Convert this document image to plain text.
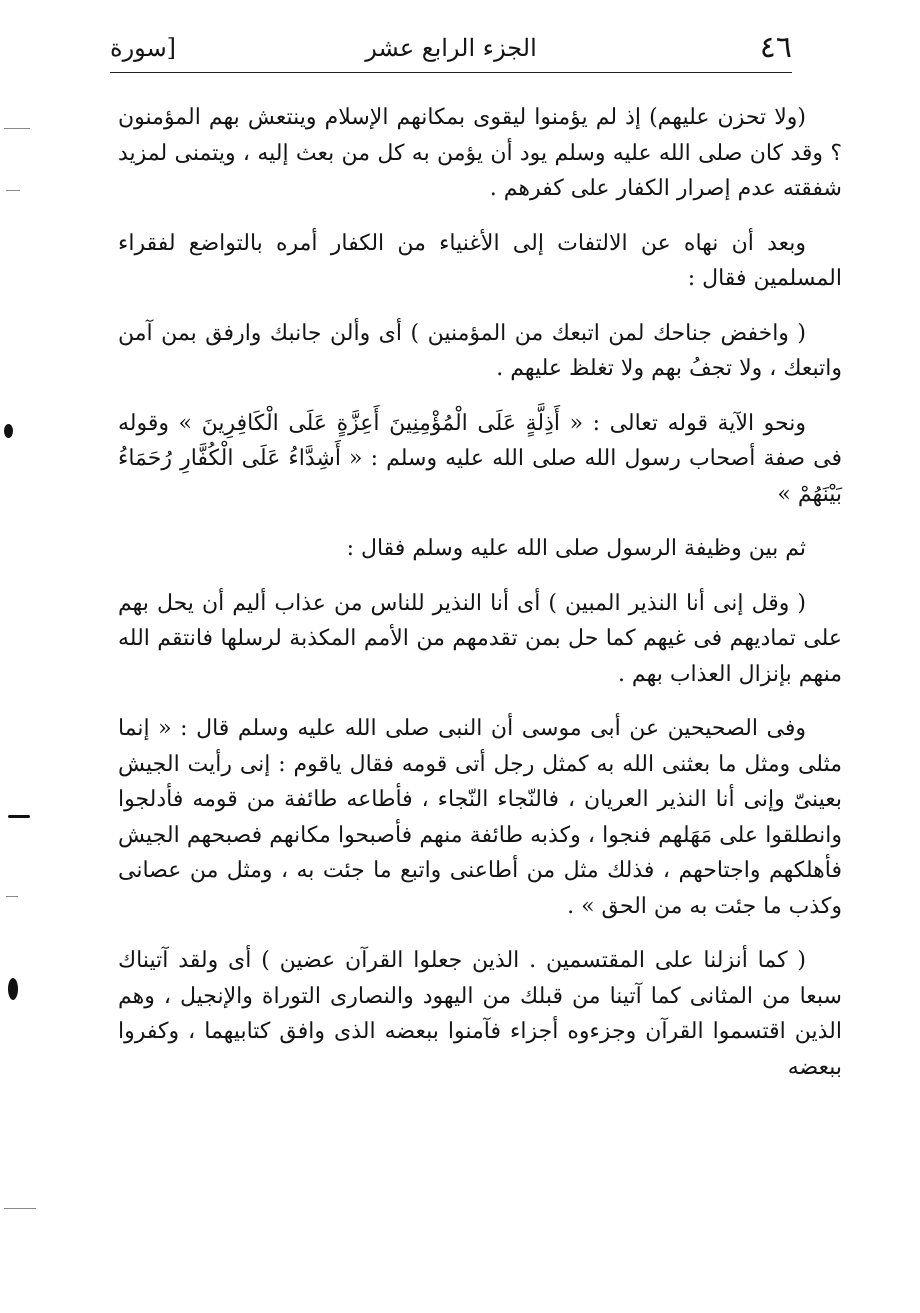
٤٦
الجزء الرابع عشر
[سورة

(ولا تحزن عليهم) إذ لم يؤمنوا ليقوى بمكانهم الإسلام وينتعش بهم المؤمنون ؟ وقد كان صلى الله عليه وسلم يود أن يؤمن به كل من بعث إليه ، ويتمنى لمزيد شفقته عدم إصرار الكفار على كفرهم .

وبعد أن نهاه عن الالتفات إلى الأغنياء من الكفار أمره بالتواضع لفقراء المسلمين فقال :

( واخفض جناحك لمن اتبعك من المؤمنين ) أى وألن جانبك وارفق بمن آمن واتبعك ، ولا تجفُ بهم ولا تغلظ عليهم .

ونحو الآية قوله تعالى : « أَذِلَّةٍ عَلَى الْمُؤْمِنِينَ أَعِزَّةٍ عَلَى الْكَافِرِينَ » وقوله فى صفة أصحاب رسول الله صلى الله عليه وسلم : « أَشِدَّاءُ عَلَى الْكُفَّارِ رُحَمَاءُ بَيْنَهُمْ »

ثم بين وظيفة الرسول صلى الله عليه وسلم فقال :

( وقل إنى أنا النذير المبين ) أى أنا النذير للناس من عذاب أليم أن يحل بهم على تماديهم فى غيهم كما حل بمن تقدمهم من الأمم المكذبة لرسلها فانتقم الله منهم بإنزال العذاب بهم .

وفى الصحيحين عن أبى موسى أن النبى صلى الله عليه وسلم قال : « إنما مثلى ومثل ما بعثنى الله به كمثل رجل أتى قومه فقال ياقوم : إنى رأيت الجيش بعينىّ وإنى أنا النذير العريان ، فالنّجاء النّجاء ، فأطاعه طائفة من قومه فأدلجوا وانطلقوا على مَهَلهم فنجوا ، وكذبه طائفة منهم فأصبحوا مكانهم فصبحهم الجيش فأهلكهم واجتاحهم ، فذلك مثل من أطاعنى واتبع ما جئت به ، ومثل من عصانى وكذب ما جئت به من الحق » .

( كما أنزلنا على المقتسمين . الذين جعلوا القرآن عضين ) أى ولقد آتيناك سبعا من المثانى كما آتينا من قبلك من اليهود والنصارى التوراة والإنجيل ، وهم الذين اقتسموا القرآن وجزءوه أجزاء فآمنوا ببعضه الذى وافق كتابيهما ، وكفروا ببعضه
